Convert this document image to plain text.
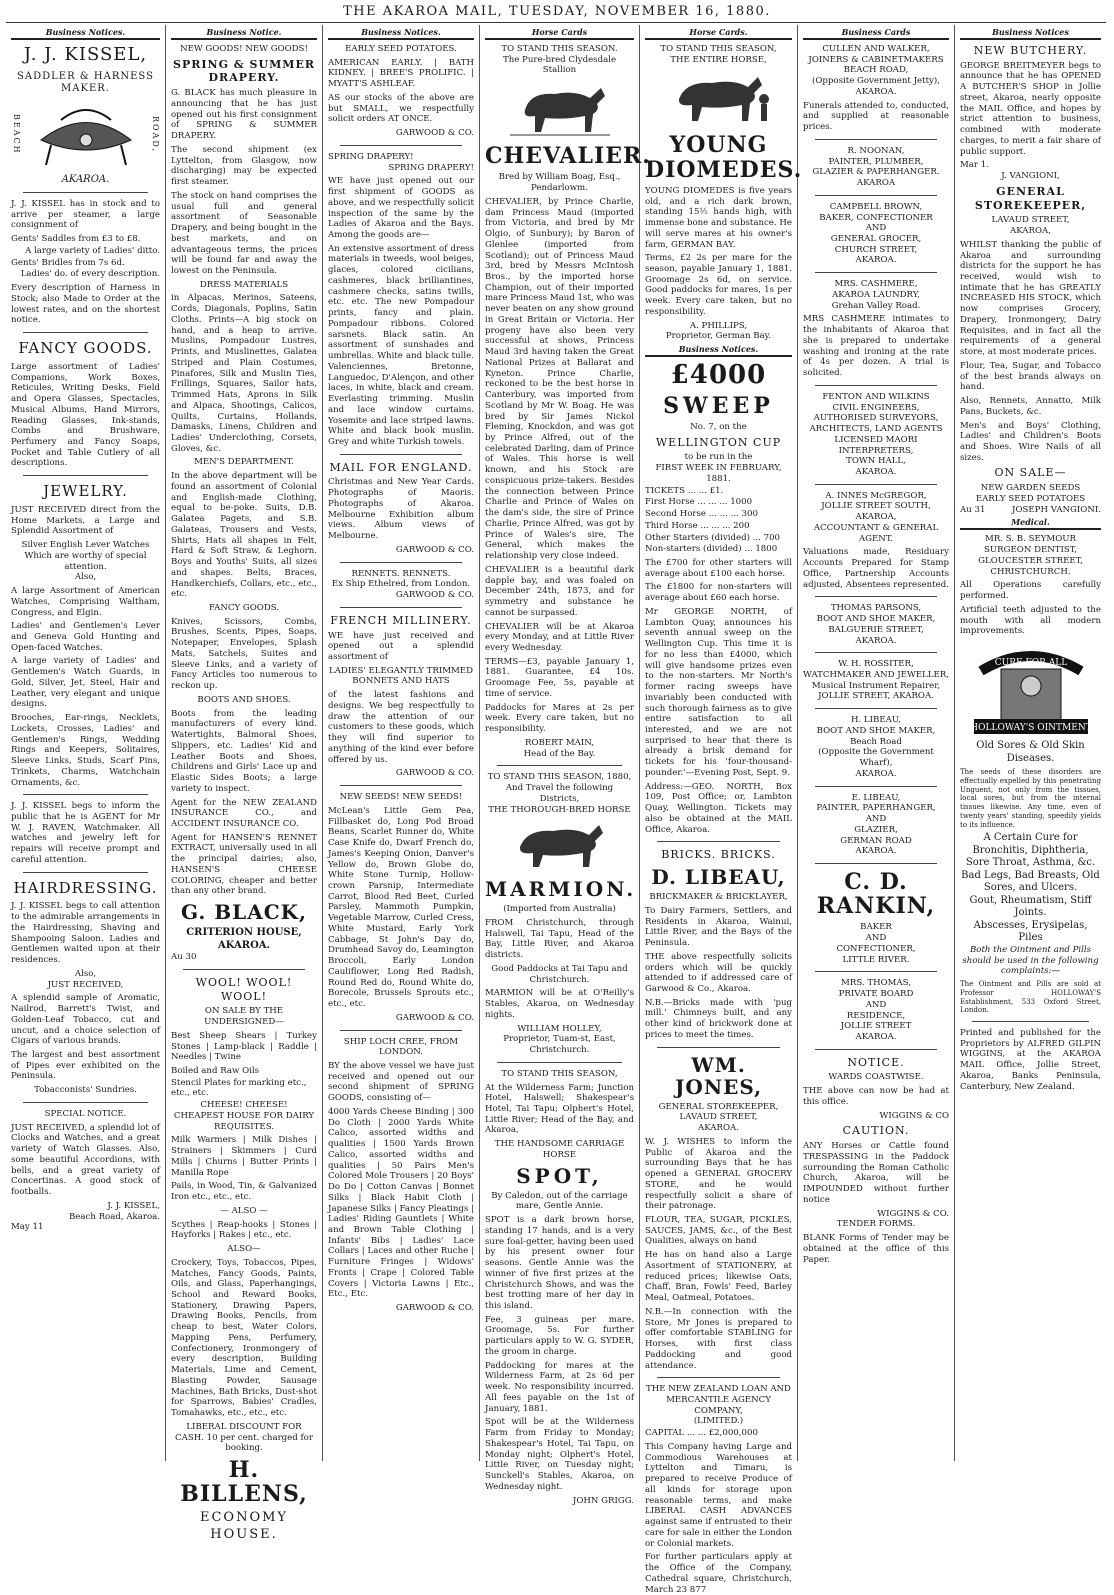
THE AKAROA MAIL, TUESDAY, NOVEMBER 16, 1880.
Business Notices.
J. J. KISSEL,
SADDLER & HARNESS MAKER.
BEACH	ROAD,
AKAROA.
J. J. KISSEL has in stock and to arrive per steamer, a large consignment of
Gents' Saddles from £3 to £8.
A large variety of Ladies' ditto.
Gents' Bridles from 7s 6d.
Ladies' do. of every description.
Every description of Harness in Stock; also Made to Order at the lowest rates, and on the shortest notice.
FANCY GOODS.
Large assortment of Ladies' Companions, Work Boxes, Reticules, Writing Desks, Field and Opera Glasses, Spectacles, Musical Albums, Hand Mirrors, Reading Glasses, Ink-stands, Combs and Brushware, Perfumery and Fancy Soaps, Pocket and Table Cutlery of all descriptions.
JEWELRY.
JUST RECEIVED direct from the Home Markets, a Large and Splendid Assortment of
Silver English Lever Watches
Which are worthy of special attention.
Also,
A large Assortment of American Watches, Comprising Waltham, Congress, and Elgin.
Ladies' and Gentlemen's Lever and Geneva Gold Hunting and Open-faced Watches.
A large variety of Ladies' and Gentlemen's Watch Guards, in Gold, Silver, Jet, Steel, Hair and Leather, very elegant and unique designs.
Brooches, Ear-rings, Necklets, Lockets, Crosses, Ladies' and Gentlemen's Rings, Wedding Rings and Keepers, Solitaires, Sleeve Links, Studs, Scarf Pins, Trinkets, Charms, Watchchain Ornaments, &c.
J. J. KISSEL begs to inform the public that he is AGENT for Mr W. J. RAVEN, Watchmaker. All watches and jewelry left for repairs will receive prompt and careful attention.
HAIRDRESSING.
J. J. KISSEL begs to call attention to the admirable arrangements in the Hairdressing, Shaving and Shampooing Saloon. Ladies and Gentlemen waited upon at their residences.
Also,
JUST RECEIVED,
A splendid sample of Aromatic, Nailrod, Barrett's Twist, and Golden-Leaf Tobacco, cut and uncut, and a choice selection of Cigars of various brands.
The largest and best assortment of Pipes ever exhibited on the Peninsula.
Tobacconists' Sundries.
SPECIAL NOTICE.
JUST RECEIVED, a splendid lot of Clocks and Watches, and a great variety of Watch Glasses. Also, some beautiful Accordions, with bells, and a great variety of Concertinas. A good stock of footballs.
J. J. KISSEL,
Beach Road, Akaroa.
May 11
Business Notice.
NEW GOODS! NEW GOODS!
SPRING & SUMMER DRAPERY.
G. BLACK has much pleasure in announcing that he has just opened out his first consignment of SPRING & SUMMER DRAPERY.
The second shipment (ex Lyttelton, from Glasgow, now discharging) may be expected first steamer.
The stock on hand comprises the usual full and general assortment of Seasonable Drapery, and being bought in the best markets, and on advantageous terms, the prices will be found far and away the lowest on the Peninsula.
DRESS MATERIALS
in Alpacas, Merinos, Sateens, Cords, Diagonals, Poplins, Satin Cloths. Prints—A big stock on hand, and a heap to arrive. Muslins, Pompadour Lustres, Prints, and Muslinettes, Galatea Striped and Plain Costumes, Pinafores, Silk and Muslin Ties, Frillings, Squares, Sailor hats, Trimmed Hats, Aprons in Silk and Alpaca, Shootings, Calicos, Quilts, Curtains, Hollands, Damasks, Linens, Children and Ladies' Underclothing, Corsets, Gloves, &c.
MEN'S DEPARTMENT.
In the above department will be found an assortment of Colonial and English-made Clothing, equal to be-poke. Suits, D.B. Galatea Pagets, and S.B. Galateas, Trousers and Vests, Shirts, Hats all shapes in Felt, Hard & Soft Straw, & Leghorn. Boys and Youths' Suits, all sizes and shapes. Belts, Braces, Handkerchiefs, Collars, etc., etc., etc.
FANCY GOODS.
Knives, Scissors, Combs, Brushes, Scents, Pipes, Soaps, Notepaper, Envelopes, Splash Mats, Satchels, Suites and Sleeve Links, and a variety of Fancy Articles too numerous to reckon up.
BOOTS AND SHOES.
Boots from the leading manufacturers of every kind. Watertights, Balmoral Shoes, Slippers, etc. Ladies' Kid and Leather Boots and Shoes, Childrens and Girls' Lace up and Elastic Sides Boots; a large variety to inspect.
Agent for the NEW ZEALAND INSURANCE CO., and ACCIDENT INSURANCE CO.
Agent for HANSEN'S RENNET EXTRACT, universally used in all the principal dairies; also, HANSEN'S CHEESE COLORING, cheaper and better than any other brand.
G. BLACK,
CRITERION HOUSE, AKAROA.
Au 30
WOOL! WOOL! WOOL!
ON SALE BY THE UNDERSIGNED—
Best Sheep Shears | Turkey Stones | Lamp-black | Raddle | Needles | Twine
Boiled and Raw Oils
Stencil Plates for marking etc., etc., etc.
CHEESE! CHEESE!
CHEAPEST HOUSE FOR DAIRY REQUISITES.
Milk Warmers | Milk Dishes | Strainers | Skimmers | Curd Mills | Churns | Butter Prints | Manilla Rope
Pails, in Wood, Tin, & Galvanized Iron etc., etc., etc.
— ALSO —
Scythes | Reap-hooks | Stones | Hayforks | Rakes | etc., etc.
ALSO—
Crockery, Toys, Tobaccos, Pipes, Matches, Fancy Goods, Paints, Oils, and Glass, Paperhangings, School and Reward Books, Stationery, Drawing Papers, Drawing Books, Pencils, from cheap to best, Water Colors, Mapping Pens, Perfumery, Confectionery, Ironmongery of every description, Building Materials, Lime and Cement, Blasting Powder, Sausage Machines, Bath Bricks, Dust-shot for Sparrows, Babies' Cradles, Tomahawks, etc., etc., etc.
LIBERAL DISCOUNT FOR CASH. 10 per cent. charged for booking.
H. BILLENS,
ECONOMY HOUSE.
Business Notices.
EARLY SEED POTATOES.
AMERICAN EARLY. | BATH KIDNEY. | BREE'S PROLIFIC. | MYATT'S ASHLEAF.
AS our stocks of the above are but SMALL, we respectfully solicit orders AT ONCE.
GARWOOD & CO.
SPRING DRAPERY!
SPRING DRAPERY!
WE have just opened out our first shipment of GOODS as above, and we respectfully solicit inspection of the same by the Ladies of Akaroa and the Bays. Among the goods are—
An extensive assortment of dress materials in tweeds, wool beiges, glaces, colored cicilians, cashmeres, black brilliantines, cashmere checks, satins twills, etc. etc. The new Pompadour prints, fancy and plain. Pompadour ribbons. Colored sarsnets. Black satin. An assortment of sunshades and umbrellas. White and black tulle. Valenciennes, Bretonne, Languedoc, D'Alençon, and other laces, in white, black and cream. Everlasting trimming. Muslin and lace window curtains. Yosemite and lace striped lawns. White and black book muslin. Grey and white Turkish towels.
MAIL FOR ENGLAND.
Christmas and New Year Cards. Photographs of Maoris. Photographs of Akaroa. Melbourne Exhibition album views. Album views of Melbourne.
GARWOOD & CO.
RENNETS. RENNETS.
Ex Ship Ethelred, from London.
GARWOOD & CO.
FRENCH MILLINERY.
WE have just received and opened out a splendid assortment of
LADIES' ELEGANTLY TRIMMED BONNETS AND HATS
of the latest fashions and designs. We beg respectfully to draw the attention of our customers to these goods, which they will find superior to anything of the kind ever before offered by us.
GARWOOD & CO.
NEW SEEDS! NEW SEEDS!
McLean's Little Gem Pea, Fillbasket do, Long Pod Broad Beans, Scarlet Runner do, White Case Knife do, Dwarf French do, James's Keeping Onion, Danver's Yellow do, Brown Globe do, White Stone Turnip, Hollow-crown Parsnip, Intermediate Carrot, Blood Red Beet, Curled Parsley, Mammoth Pumpkin, Vegetable Marrow, Curled Cress, White Mustard, Early York Cabbage, St John's Day do, Drumhead Savoy do, Leamington Broccoli, Early London Cauliflower, Long Red Radish, Round Red do, Round White do, Borecole, Brussels Sprouts etc., etc., etc.
GARWOOD & CO.
SHIP LOCH CREE, FROM LONDON.
BY the above vessel we have just received and opened out our second shipment of SPRING GOODS, consisting of—
4000 Yards Cheese Binding | 300 Do Cloth | 2000 Yards White Calico, assorted widths and qualities | 1500 Yards Brown Calico, assorted widths and qualities | 50 Pairs Men's Colored Mole Trousers | 20 Boys' Do Do | Cotton Canvas | Bonnet Silks | Black Habit Cloth | Japanese Silks | Fancy Pleatings | Ladies' Riding Gauntlets | White and Brown Table Clothing | Infants' Bibs | Ladies' Lace Collars | Laces and other Ruche | Furniture Fringes | Widows' Fronts | Crape | Colored Table Covers | Victoria Lawns | Etc., Etc., Etc.
GARWOOD & CO.
Horse Cards
TO STAND THIS SEASON.
The Pure-bred Clydesdale Stallion
CHEVALIER.
Bred by William Boag, Esq., Pendarlowm.
CHEVALIER, by Prince Charlie, dam Princess Maud (imported from Victoria, and bred by Mr Olgio, of Sunbury); by Baron of Glenlee (imported from Scotland); out of Princess Maud 3rd, bred by Messrs McIntosh Bros., by the imported horse Champion, out of their imported mare Princess Maud 1st, who was never beaten on any show ground in Great Britain or Victoria. Her progeny have also been very successful at shows, Princess Maud 3rd having taken the Great National Prizes at Ballarat and Kyneton. Prince Charlie, reckoned to be the best horse in Canterbury, was imported from Scotland by Mr W. Boag. He was bred by Sir James Nickol Fleming, Knockdon, and was got by Prince Alfred, out of the celebrated Darling, dam of Prince of Wales. This horse is well known, and his Stock are conspicuous prize-takers. Besides the connection between Prince Charlie and Prince of Wales on the dam's side, the sire of Prince Charlie, Prince Alfred, was got by Prince of Wales's sire, The General, which makes the relationship very close indeed.
CHEVALIER is a beautiful dark dapple bay, and was foaled on December 24th, 1873, and for symmetry and substance he cannot be surpassed.
CHEVALIER will be at Akaroa every Monday, and at Little River every Wednesday.
TERMS—£3, payable January 1, 1881. Guarantee, £4 10s. Groomage Fee, 5s, payable at time of service.
Paddocks for Mares at 2s per week. Every care taken, but no responsibility.
ROBERT MAIN,
Head of the Bay.
TO STAND THIS SEASON, 1880,
And Travel the following Districts,
THE THOROUGH-BRED HORSE
MARMION.
(Imported from Australia)
FROM Christchurch, through Halswell, Tai Tapu, Head of the Bay, Little River, and Akaroa districts.
Good Paddocks at Tai Tapu and Christchurch.
MARMION will be at O'Reilly's Stables, Akaroa, on Wednesday nights.
WILLIAM HOLLEY,
Proprietor, Tuam-st, East, Christchurch.
TO STAND THIS SEASON,
At the Wilderness Farm; Junction Hotel, Halswell; Shakespear's Hotel, Tai Tapu; Olphert's Hotel, Little River; Head of the Bay, and Akaroa,
THE HANDSOME CARRIAGE HORSE
SPOT,
By Caledon, out of the carriage mare, Gentle Annie.
SPOT is a dark brown horse, standing 17 hands, and is a very sure foal-getter, having been used by his present owner four seasons. Gentle Annie was the winner of five first prizes at the Christchurch Shows, and was the best trotting mare of her day in this island.
Fee, 3 guineas per mare. Groomage, 5s. For further particulars apply to W. G. SYDER, the groom in charge.
Paddocking for mares at the Wilderness Farm, at 2s 6d per week. No responsibility incurred. All fees payable on the 1st of January, 1881.
Spot will be at the Wilderness Farm from Friday to Monday; Shakespear's Hotel, Tai Tapu, on Monday night; Olphert's Hotel, Little River, on Tuesday night; Sunckell's Stables, Akaroa, on Wednesday night.
JOHN GRIGG.
Horse Cards.
TO STAND THIS SEASON,
THE ENTIRE HORSE,
YOUNG DIOMEDES.
YOUNG DIOMEDES is five years old, and a rich dark brown, standing 15½ hands high, with immense bone and substance. He will serve mares at his owner's farm, GERMAN BAY.
Terms, £2 2s per mare for the season, payable January 1, 1881. Groomage 2s 6d, on service. Good paddocks for mares, 1s per week. Every care taken, but no responsibility.
A. PHILLIPS,
Proprietor, German Bay.
Business Notices.
£4000
SWEEP
No. 7, on the
WELLINGTON CUP
to be run in the
FIRST WEEK IN FEBRUARY, 1881.
TICKETS ... ... £1.
First Horse ... ... ... 1000
Second Horse ... ... ... 300
Third Horse ... ... ... 200
Other Starters (divided) ... 700
Non-starters (divided) ... 1800
The £700 for other starters will average about £100 each horse.
The £1800 for non-starters will average about £60 each horse.
Mr GEORGE NORTH, of Lambton Quay, announces his seventh annual sweep on the Wellington Cup. This time it is for no less than £4000, which will give handsome prizes even to the non-starters. Mr North's former racing sweeps have invariably been conducted with such thorough fairness as to give entire satisfaction to all interested, and we are not surprised to hear that there is already a brisk demand for tickets for his 'four-thousand-pounder.'—Evening Post, Sept. 9.
Address:—GEO. NORTH, Box 109, Post Office; or, Lambton Quay, Wellington. Tickets may also be obtained at the MAIL Office, Akaroa.
BRICKS. BRICKS.
D. LIBEAU,
BRICKMAKER & BRICKLAYER,
To Dairy Farmers, Settlers, and Residents in Akaroa, Wainui, Little River, and the Bays of the Peninsula.
THE above respectfully solicits orders which will be quickly attended to if addressed care of Garwood & Co., Akaroa.
N.B.—Bricks made with 'pug mill.' Chimneys built, and any other kind of brickwork done at prices to meet the times.
WM. JONES,
GENERAL STOREKEEPER,
LAVAUD STREET,
AKAROA.
W. J. WISHES to inform the Public of Akaroa and the surrounding Bays that he has opened a GENERAL GROCERY STORE, and he would respectfully solicit a share of their patronage.
FLOUR, TEA, SUGAR, PICKLES, SAUCES, JAMS, &c., of the Best Qualities, always on hand
He has on hand also a Large Assortment of STATIONERY, at reduced prices; likewise Oats, Chaff, Bran, Fowls' Feed, Barley Meal, Oatmeal, Potatoes.
N.B.—In connection with the Store, Mr Jones is prepared to offer comfortable STABLING for Horses, with first class Paddocking and good attendance.
THE NEW ZEALAND LOAN AND MERCANTILE AGENCY COMPANY,
(LIMITED.)
CAPITAL ... ... £2,000,000
This Company having Large and Commodious Warehouses at Lyttelton and Timaru, is prepared to receive Produce of all kinds for storage upon reasonable terms, and make LIBERAL CASH ADVANCES against same if entrusted to their care for sale in either the London or Colonial markets.
For further particulars apply at the Office of the Company, Cathedral square, Christchurch, March 23 877
Business Cards
CULLEN AND WALKER,
JOINERS & CABINETMAKERS
BEACH ROAD,
(Opposite Government Jetty),
AKAROA.
Funerals attended to, conducted, and supplied at reasonable prices.
R. NOONAN,
PAINTER, PLUMBER,
GLAZIER & PAPERHANGER.
AKAROA
CAMPBELL BROWN,
BAKER, CONFECTIONER
AND
GENERAL GROCER,
CHURCH STREET,
AKAROA.
MRS. CASHMERE,
AKAROA LAUNDRY,
Grehan Valley Road.
MRS CASHMERE intimates to the inhabitants of Akaroa that she is prepared to undertake washing and ironing at the rate of 4s per dozen. A trial is solicited.
FENTON AND WILKINS
CIVIL ENGINEERS,
AUTHORISED SURVEYORS,
ARCHITECTS, LAND AGENTS
LICENSED MAORI INTERPRETERS,
TOWN HALL,
AKAROA.
A. INNES McGREGOR,
JOLLIE STREET SOUTH,
AKAROA,
ACCOUNTANT & GENERAL AGENT.
Valuations made, Residuary Accounts Prepared for Stamp Office, Partnership Accounts adjusted, Absentees represented.
THOMAS PARSONS,
BOOT AND SHOE MAKER,
BALGUERIE STREET,
AKAROA.
W. H. ROSSITER,
WATCHMAKER AND JEWELLER,
Musical Instrument Repairer,
JOLLIE STREET, AKAROA.
H. LIBEAU,
BOOT AND SHOE MAKER,
Beach Road
(Opposite the Government Wharf),
AKAROA.
E. LIBEAU,
PAINTER, PAPERHANGER,
AND
GLAZIER,
GERMAN ROAD
AKAROA.
C. D. RANKIN,
BAKER
AND
CONFECTIONER,
LITTLE RIVER.
MRS. THOMAS,
PRIVATE BOARD
AND
RESIDENCE,
JOLLIE STREET
AKAROA.
NOTICE.
WARDS COASTWISE.
THE above can now be had at this office.
WIGGINS & CO
CAUTION.
ANY Horses or Cattle found TRESPASSING in the Paddock surrounding the Roman Catholic Church, Akaroa, will be IMPOUNDED without further notice
WIGGINS & CO.
TENDER FORMS.
BLANK Forms of Tender may be obtained at the office of this Paper.
Business Notices
NEW BUTCHERY.
GEORGE BREITMEYER begs to announce that he has OPENED A BUTCHER'S SHOP in Jollie street, Akaroa, nearly opposite the MAIL Office, and hopes by strict attention to business, combined with moderate charges, to merit a fair share of public support.
Mar 1.
J. VANGIONI,
GENERAL STOREKEEPER,
LAVAUD STREET,
AKAROA,
WHILST thanking the public of Akaroa and surrounding districts for the support he has received, would wish to intimate that he has GREATLY INCREASED HIS STOCK, which now comprises Grocery, Drapery, Ironmongery, Dairy Requisites, and in fact all the requirements of a general store, at most moderate prices.
Flour, Tea, Sugar, and Tobacco of the best brands always on hand.
Also, Rennets, Annatto, Milk Pans, Buckets, &c.
Men's and Boys' Clothing, Ladies' and Children's Boots and Shoes. Wire Nails of all sizes.
ON SALE—
NEW GARDEN SEEDS
EARLY SEED POTATOES
Au 31	JOSEPH VANGIONI.
Medical.
MR. S. B. SEYMOUR
SURGEON DENTIST,
GLOUCESTER STREET,
CHRISTCHURCH.
All Operations carefully performed.
Artificial teeth adjusted to the mouth with all modern improvements.
CURE FOR ALL
HOLLOWAY'S OINTMENT
Old Sores & Old Skin Diseases.
The seeds of these disorders are effectually expelled by this penetrating Unguent, not only from the tissues, local sores, but from the internal tissues likewise. Any time, even of twenty years' standing, speedily yields to its influence.
A Certain Cure for Bronchitis, Diphtheria, Sore Throat, Asthma, &c.
Bad Legs, Bad Breasts, Old Sores, and Ulcers.
Gout, Rheumatism, Stiff Joints.
Abscesses, Erysipelas, Piles
Both the Ointment and Pills should be used in the following complaints:—
The Ointment and Pills are sold at Professor HOLLOWAY'S Establishment, 533 Oxford Street, London.
Printed and published for the Proprietors by ALFRED GILPIN WIGGINS, at the AKAROA MAIL Office, Jollie Street, Akaroa, Banks Peninsula, Canterbury, New Zealand.
